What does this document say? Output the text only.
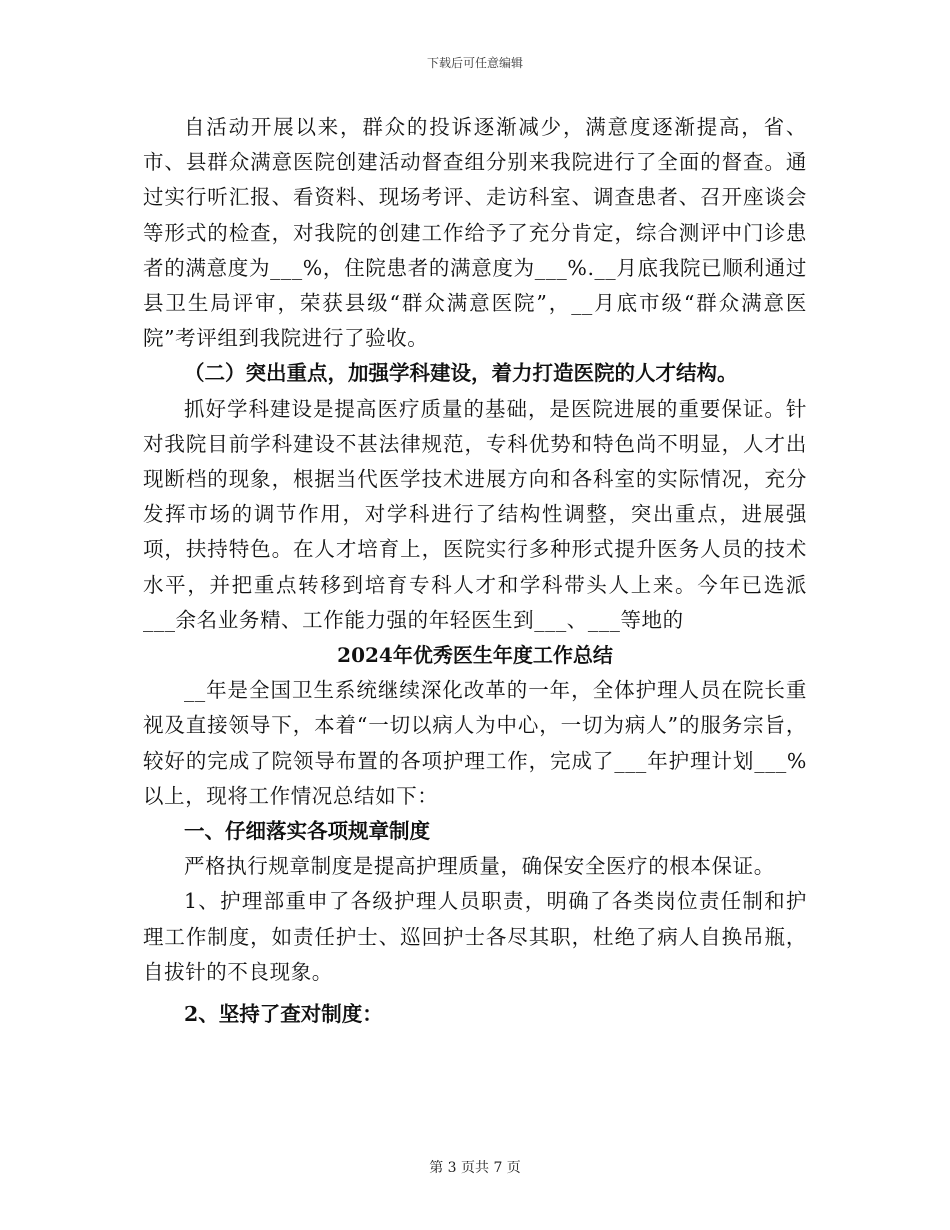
下载后可任意编辑

自活动开展以来，群众的投诉逐渐减少，满意度逐渐提高，省、市、县群众满意医院创建活动督查组分别来我院进行了全面的督查。通过实行听汇报、看资料、现场考评、走访科室、调查患者、召开座谈会等形式的检查，对我院的创建工作给予了充分肯定，综合测评中门诊患者的满意度为___%，住院患者的满意度为___%.__月底我院已顺利通过县卫生局评审，荣获县级“群众满意医院”，__月底市级“群众满意医院”考评组到我院进行了验收。

（二）突出重点，加强学科建设，着力打造医院的人才结构。

抓好学科建设是提高医疗质量的基础，是医院进展的重要保证。针对我院目前学科建设不甚法律规范，专科优势和特色尚不明显，人才出现断档的现象，根据当代医学技术进展方向和各科室的实际情况，充分发挥市场的调节作用，对学科进行了结构性调整，突出重点，进展强项，扶持特色。在人才培育上，医院实行多种形式提升医务人员的技术水平，并把重点转移到培育专科人才和学科带头人上来。今年已选派___余名业务精、工作能力强的年轻医生到___、___等地的

2024年优秀医生年度工作总结

__年是全国卫生系统继续深化改革的一年，全体护理人员在院长重视及直接领导下，本着“一切以病人为中心，一切为病人”的服务宗旨，较好的完成了院领导布置的各项护理工作，完成了___年护理计划___%以上，现将工作情况总结如下：

一、仔细落实各项规章制度

严格执行规章制度是提高护理质量，确保安全医疗的根本保证。

1、护理部重申了各级护理人员职责，明确了各类岗位责任制和护理工作制度，如责任护士、巡回护士各尽其职，杜绝了病人自换吊瓶，自拔针的不良现象。

2、坚持了查对制度：

第 3 页共 7 页
